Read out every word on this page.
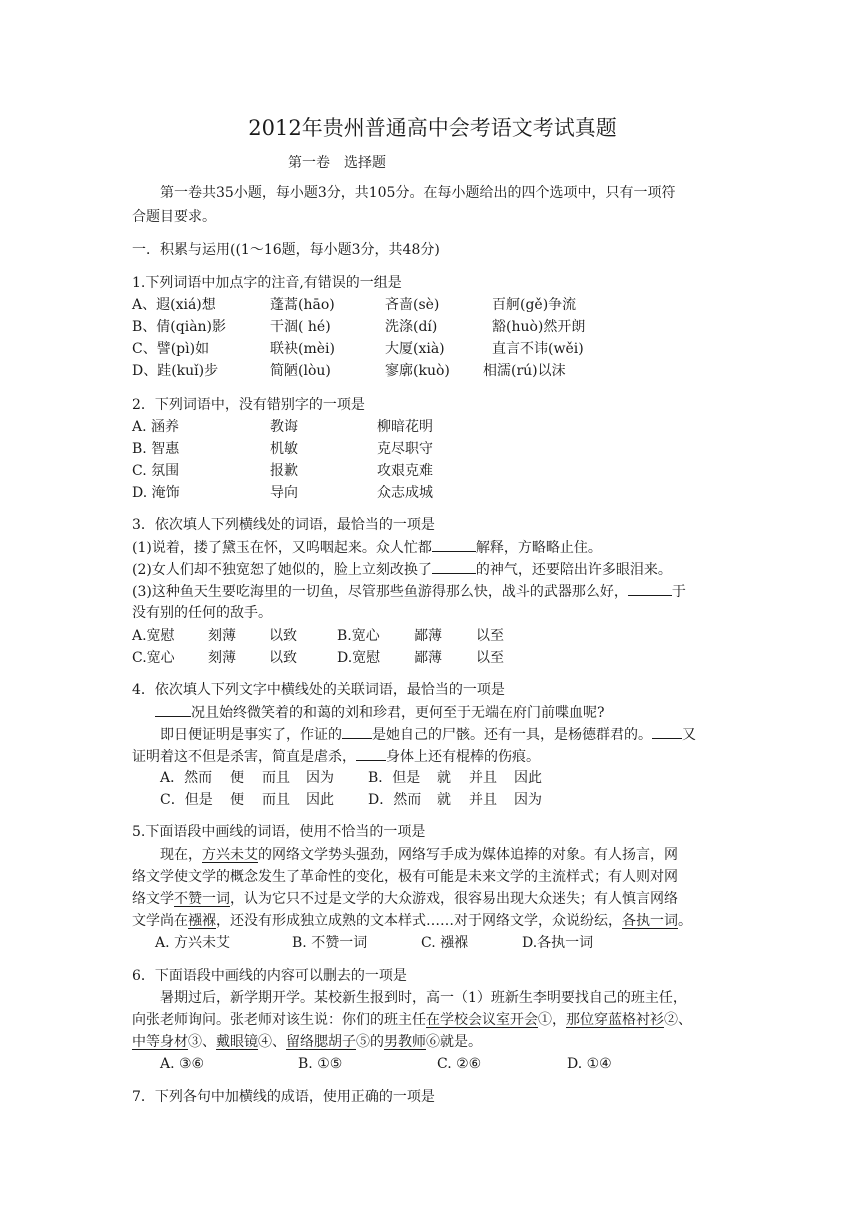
2012年贵州普通高中会考语文考试真题
第一卷　选择题
第一卷共35小题，每小题3分，共105分。在每小题给出的四个选项中，只有一项符
合题目要求。
一．积累与运用((1～16题，每小题3分，共48分)
1.下列词语中加点字的注音,有错误的一组是
A、遐(xiá)想	蓬蒿(hāo)	吝啬(sè)	百舸(gě)争流
B、倩(qiàn)影	干涸( hé)	洗涤(dí)	豁(huò)然开朗
C、譬(pì)如	联袂(mèi)	大厦(xià)	直言不讳(wěi)
D、跬(kuǐ)步	简陋(lòu)	寥廓(kuò) 相濡(rú)以沫
2．下列词语中，没有错别字的一项是
A. 涵养	教诲	柳暗花明
B. 智惠	机敏	克尽职守
C. 氛围	报歉	攻艰克难
D. 淹饰	导向	众志成城
3．依次填人下列横线处的词语，最恰当的一项是
(1)说着，搂了黛玉在怀，又呜咽起来。众人忙都	解释，方略略止住。
(2)女人们却不独宽恕了她似的，脸上立刻改换了	的神气，还要陪出许多眼泪来。
(3)这种鱼天生要吃海里的一切鱼，尽管那些鱼游得那么快，战斗的武器那么好，	于
没有别的任何的敌手。
A.宽慰 刻薄 以致	B.宽心 鄙薄 以至
C.宽心 刻薄 以致	D.宽慰 鄙薄 以至
4．依次填人下列文字中横线处的关联词语，最恰当的一项是
况且始终微笑着的和蔼的刘和珍君，更何至于无端在府门前喋血呢?
即日便证明是事实了，作证的 是她自己的尸骸。还有一具，是杨德群君的。 又
证明着这不但是杀害，简直是虐杀， 身体上还有棍棒的伤痕。
A．然而 便 而且 因为 B．但是 就 并且 因此
C．但是 便 而且 因此 D．然而 就 并且 因为
5.下面语段中画线的词语，使用不恰当的一项是
现在，方兴未艾的网络文学势头强劲，网络写手成为媒体追捧的对象。有人扬言，网
络文学使文学的概念发生了革命性的变化，极有可能是未来文学的主流样式；有人则对网
络文学不赞一词，认为它只不过是文学的大众游戏，很容易出现大众迷失；有人慎言网络
文学尚在襁褓，还没有形成独立成熟的文本样式……对于网络文学，众说纷纭，各执一词。
A. 方兴未艾	B. 不赞一词	C. 襁褓	D.各执一词
6．下面语段中画线的内容可以删去的一项是
暑期过后，新学期开学。某校新生报到时，高一（1）班新生李明要找自己的班主任，
向张老师询问。张老师对该生说：你们的班主任在学校会议室开会①，那位穿蓝格衬衫②、
中等身材③、戴眼镜④、留络腮胡子⑤的男教师⑥就是。
A. ③⑥	B. ①⑤	C. ②⑥	D. ①④
7．下列各句中加横线的成语，使用正确的一项是
